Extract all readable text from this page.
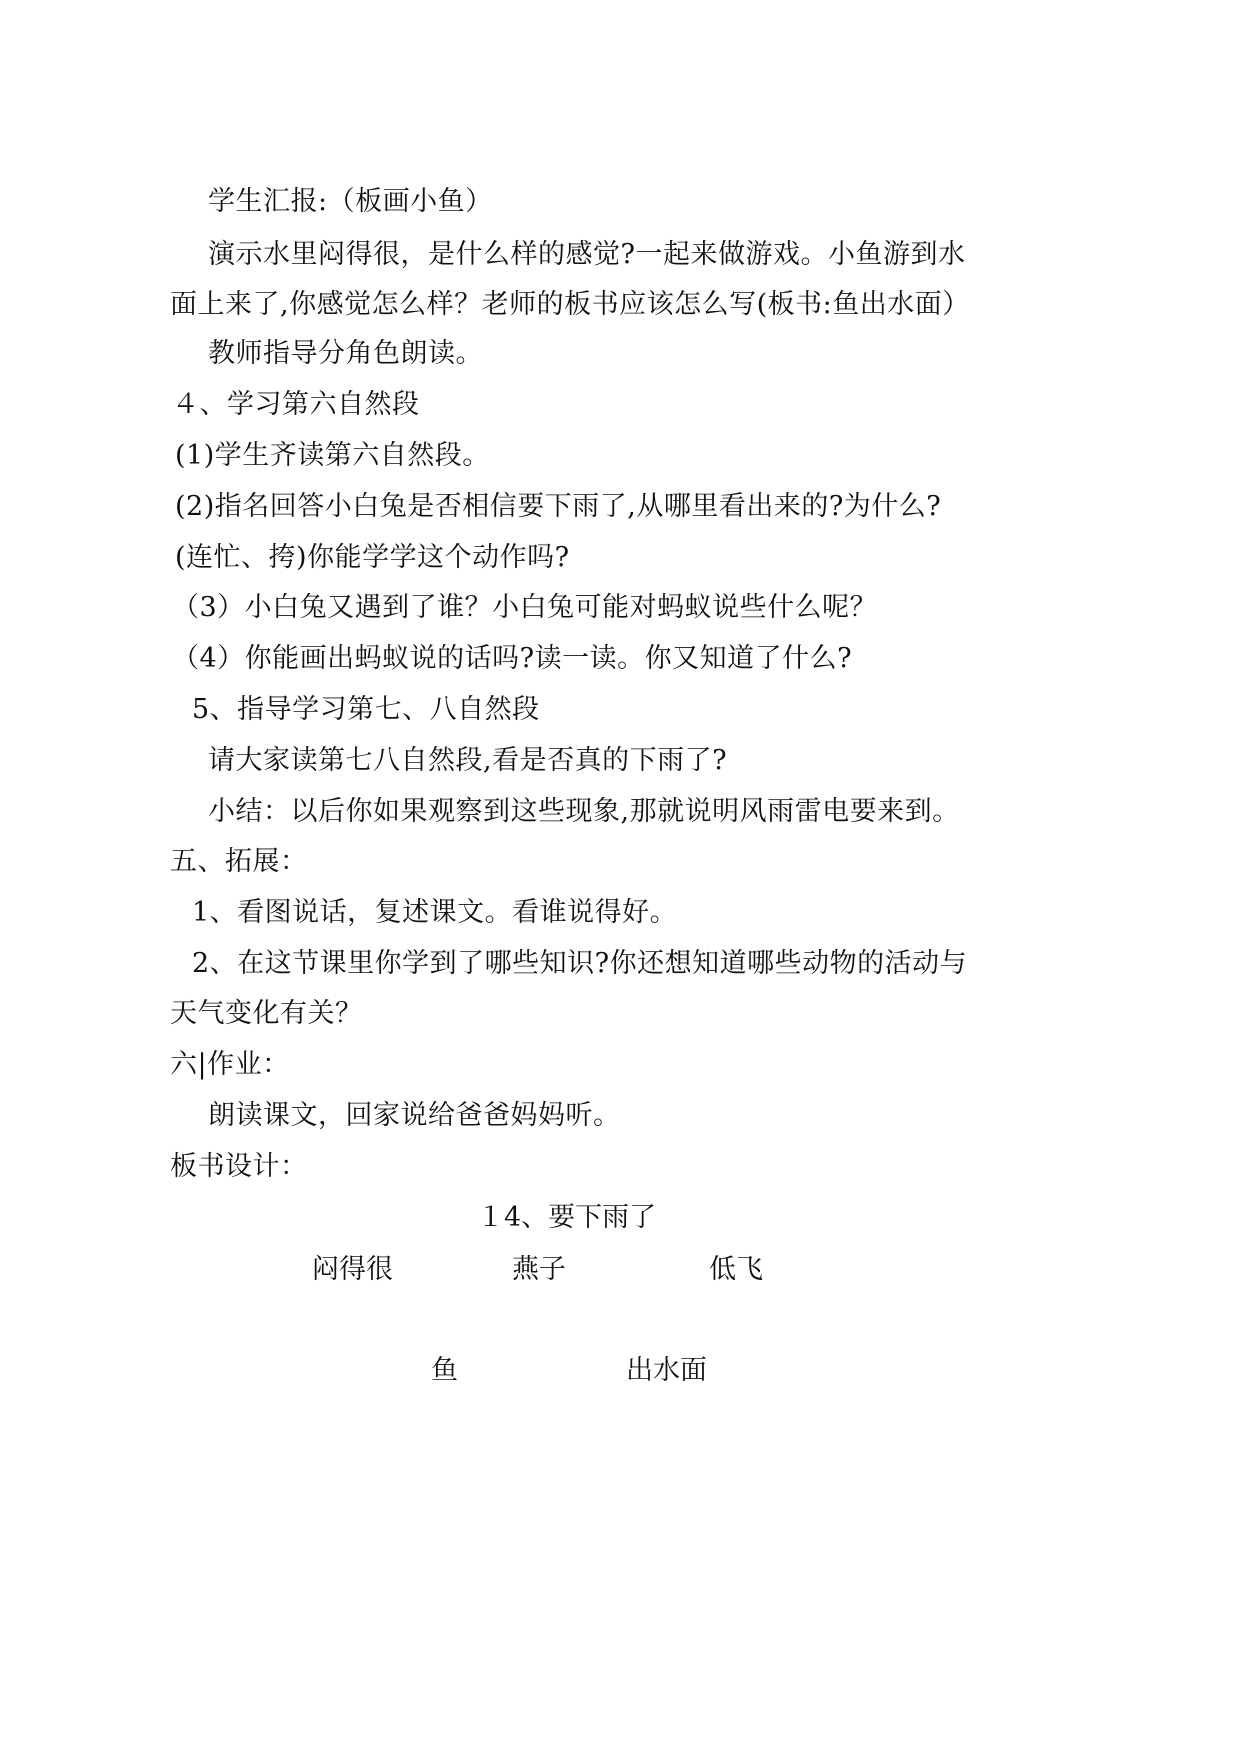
学生汇报:（板画小鱼）
演示水里闷得很，是什么样的感觉?一起来做游戏。小鱼游到水
面上来了,你感觉怎么样？老师的板书应该怎么写(板书:鱼出水面）
教师指导分角色朗读。
４、学习第六自然段
(1)学生齐读第六自然段。
(2)指名回答小白兔是否相信要下雨了,从哪里看出来的?为什么?
(连忙、挎)你能学学这个动作吗?
（3）小白兔又遇到了谁？小白兔可能对蚂蚁说些什么呢？
（4）你能画出蚂蚁说的话吗?读一读。你又知道了什么?
5、指导学习第七、八自然段
请大家读第七八自然段,看是否真的下雨了?
小结：以后你如果观察到这些现象,那就说明风雨雷电要来到。
五、拓展：
1、看图说话，复述课文。看谁说得好。
2、在这节课里你学到了哪些知识?你还想知道哪些动物的活动与
天气变化有关？
六|作业：
朗读课文，回家说给爸爸妈妈听。
板书设计：
１4、要下雨了
闷得很	燕子	低飞
鱼	出水面
